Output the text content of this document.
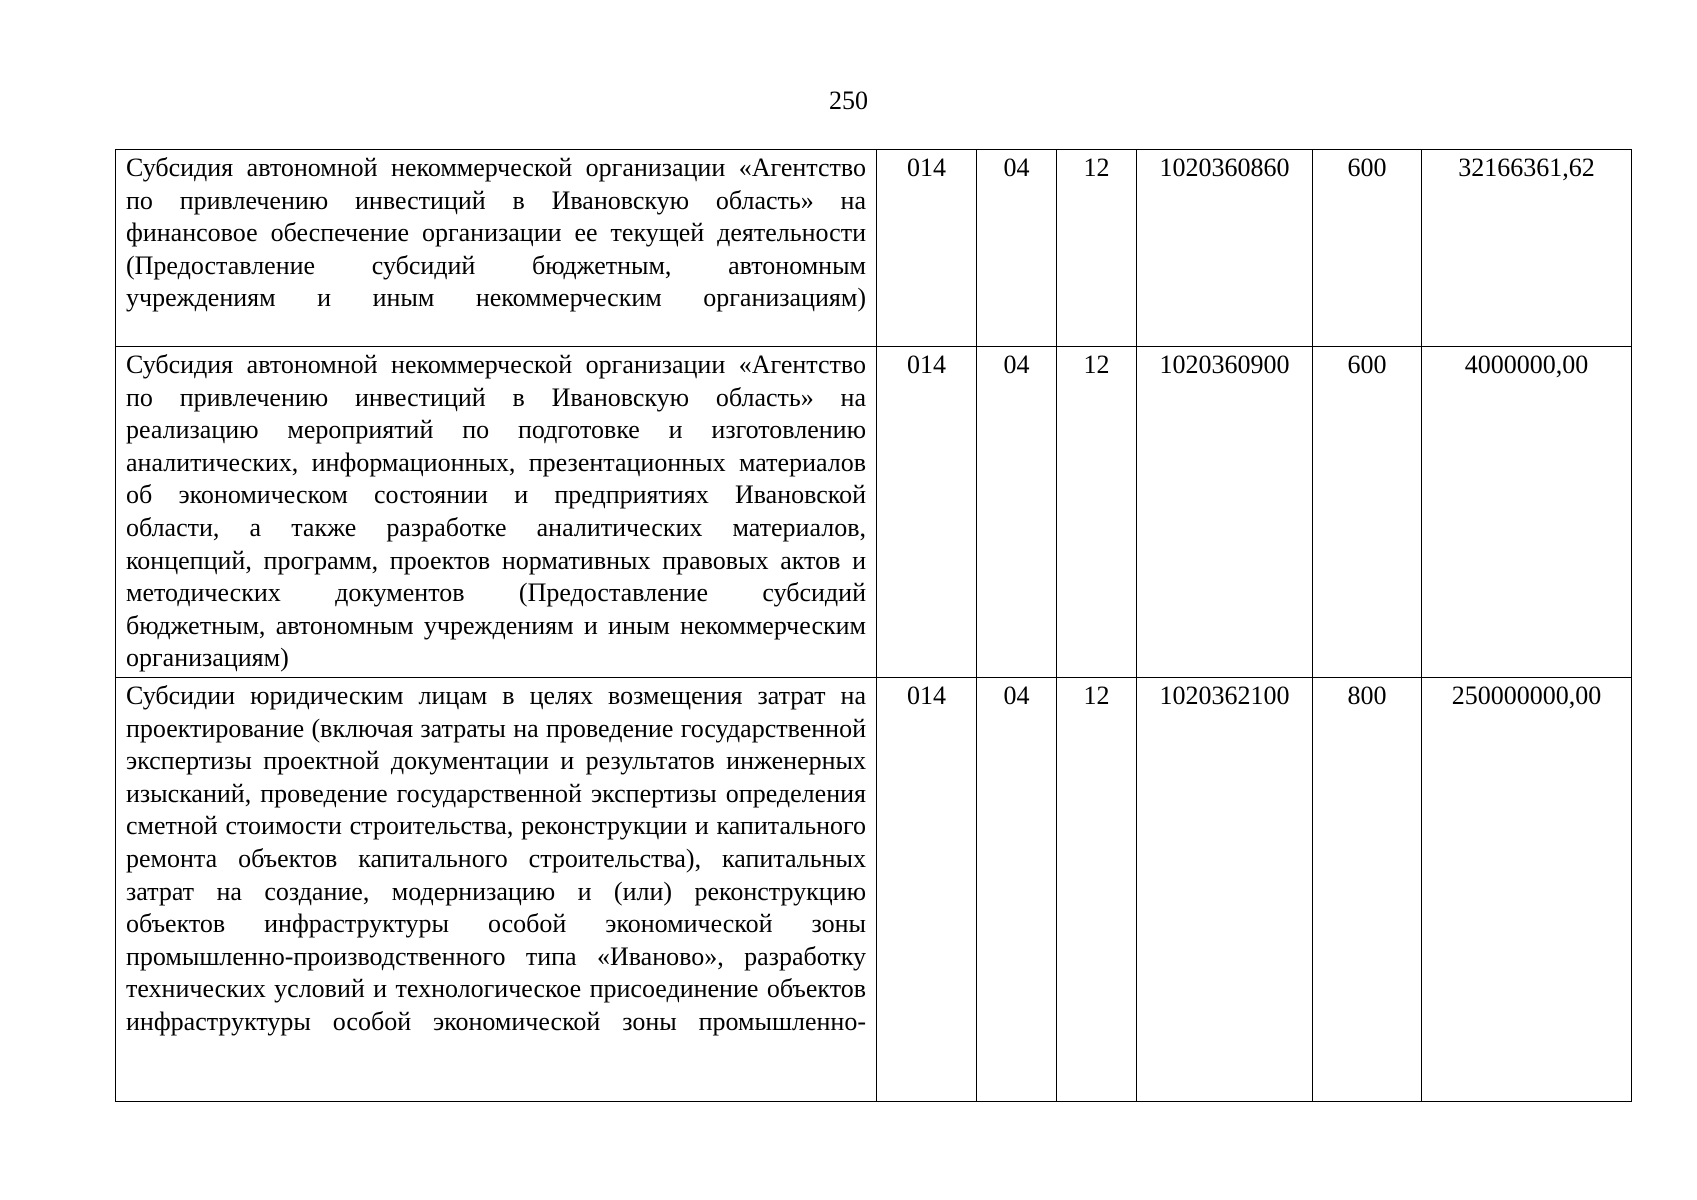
250
Субсидия автономной некоммерческой организации «Агентство по привлечению инвестиций в Ивановскую область» на финансовое обеспечение организации ее текущей деятельности (Предоставление субсидий бюджетным, автономным учреждениям и иным некоммерческим организациям)	014	04	12	1020360860	600	32166361,62

Субсидия автономной некоммерческой организации «Агентство по привлечению инвестиций в Ивановскую область» на реализацию мероприятий по подготовке и изготовлению аналитических, информационных, презентационных материалов об экономическом состоянии и предприятиях Ивановской области, а также разработке аналитических материалов, концепций, программ, проектов нормативных правовых актов и методических документов (Предоставление субсидий бюджетным, автономным учреждениям и иным некоммерческим организациям)	014	04	12	1020360900	600	4000000,00

Субсидии юридическим лицам в целях возмещения затрат на проектирование (включая затраты на проведение государственной экспертизы проектной документации и результатов инженерных изысканий, проведение государственной экспертизы определения сметной стоимости строительства, реконструкции и капитального ремонта объектов капитального строительства), капитальных затрат на создание, модернизацию и (или) реконструкцию объектов инфраструктуры особой экономической зоны промышленно-производственного типа «Иваново», разработку технических условий и технологическое присоединение объектов инфраструктуры особой экономической зоны промышленно-	014	04	12	1020362100	800	250000000,00
